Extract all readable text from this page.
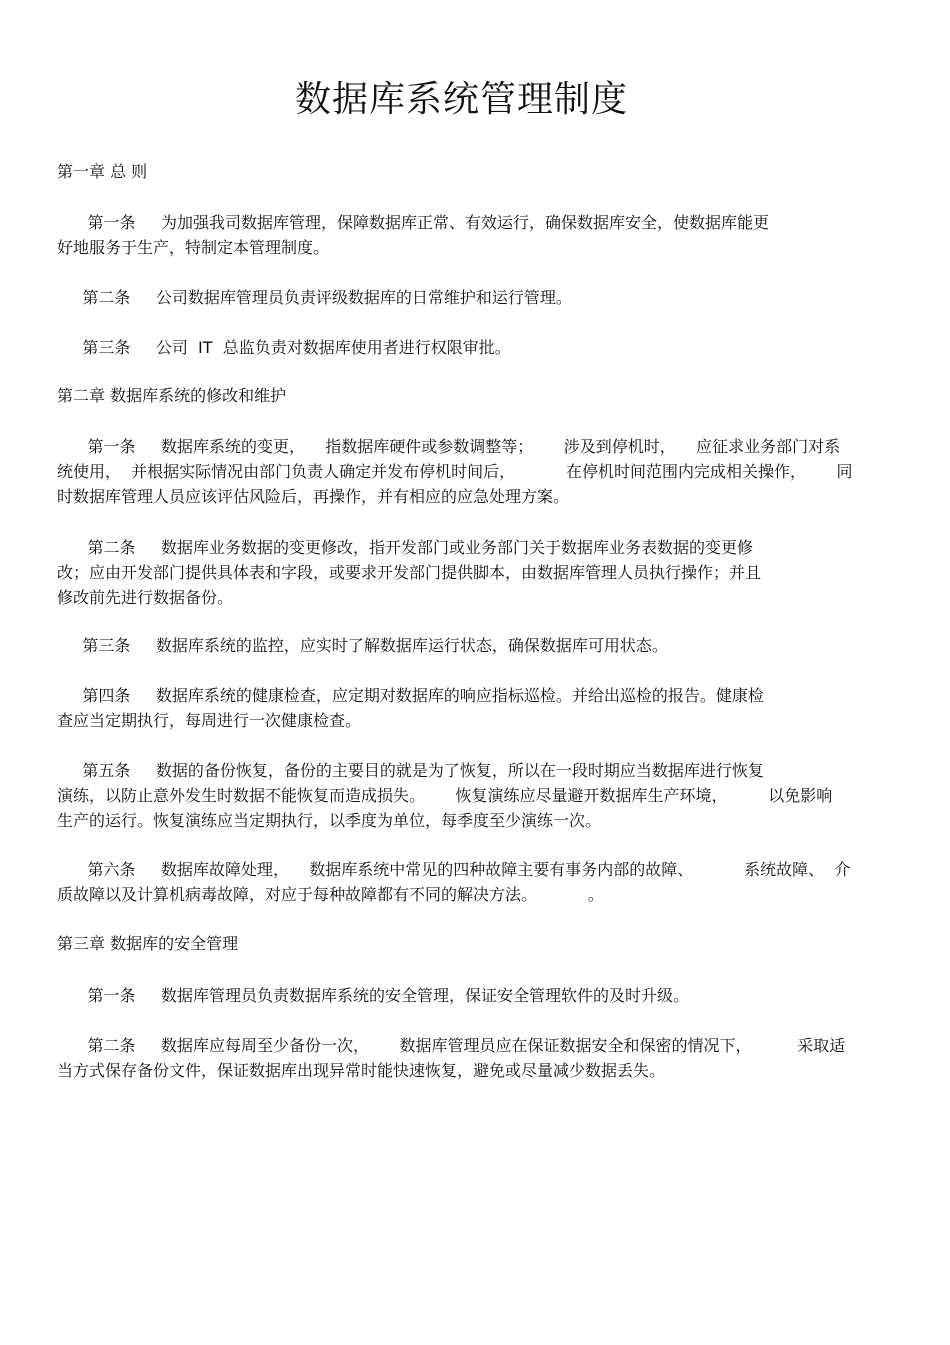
数据库系统管理制度
第一章 总 则
第一条     为加强我司数据库管理，保障数据库正常、有效运行，确保数据库安全，使数据库能更
好地服务于生产，特制定本管理制度。
第二条     公司数据库管理员负责评级数据库的日常维护和运行管理。
第三条     公司  IT  总监负责对数据库使用者进行权限审批。
第二章 数据库系统的修改和维护
第一条     数据库系统的变更，    指数据库硬件或参数调整等；      涉及到停机时，    应征求业务部门对系
统使用，  并根据实际情况由部门负责人确定并发布停机时间后，          在停机时间范围内完成相关操作，      同
时数据库管理人员应该评估风险后，再操作，并有相应的应急处理方案。
第二条     数据库业务数据的变更修改，指开发部门或业务部门关于数据库业务表数据的变更修
改；应由开发部门提供具体表和字段，或要求开发部门提供脚本，由数据库管理人员执行操作；并且
修改前先进行数据备份。
第三条     数据库系统的监控，应实时了解数据库运行状态，确保数据库可用状态。
第四条     数据库系统的健康检查，应定期对数据库的响应指标巡检。并给出巡检的报告。健康检
查应当定期执行，每周进行一次健康检查。
第五条     数据的备份恢复，备份的主要目的就是为了恢复，所以在一段时期应当数据库进行恢复
演练，以防止意外发生时数据不能恢复而造成损失。      恢复演练应尽量避开数据库生产环境，        以免影响
生产的运行。恢复演练应当定期执行，以季度为单位，每季度至少演练一次。
第六条     数据库故障处理，    数据库系统中常见的四种故障主要有事务内部的故障、          系统故障、  介
质故障以及计算机病毒故障，对应于每种故障都有不同的解决方法。          。
第三章 数据库的安全管理
第一条     数据库管理员负责数据库系统的安全管理，保证安全管理软件的及时升级。
第二条     数据库应每周至少备份一次，      数据库管理员应在保证数据安全和保密的情况下，         采取适
当方式保存备份文件，保证数据库出现异常时能快速恢复，避免或尽量减少数据丢失。
